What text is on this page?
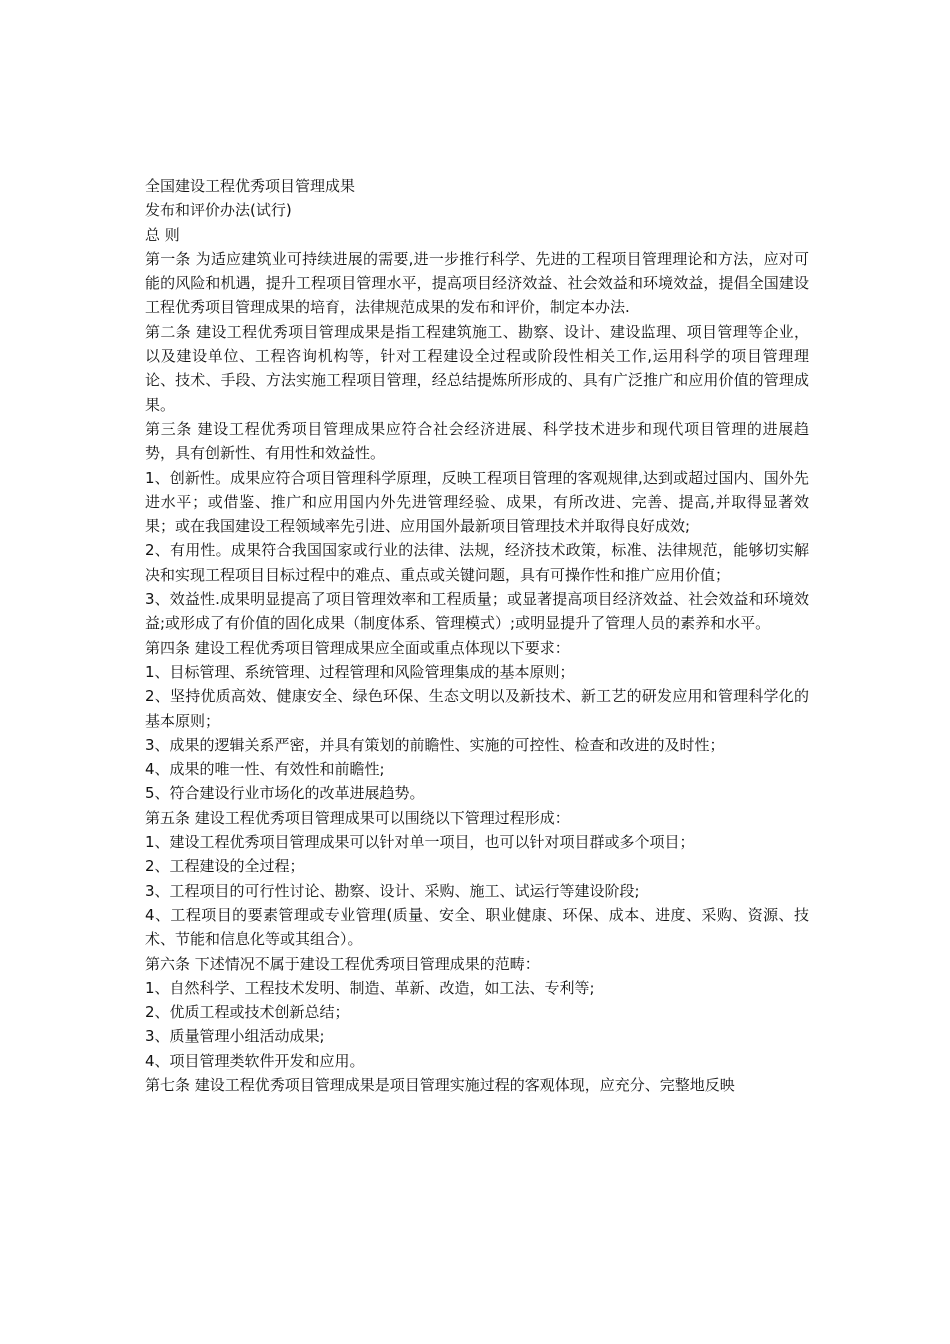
全国建设工程优秀项目管理成果

发布和评价办法(试行)

总 则

第一条 为适应建筑业可持续进展的需要,进一步推行科学、先进的工程项目管理理论和方法，应对可能的风险和机遇，提升工程项目管理水平，提高项目经济效益、社会效益和环境效益，提倡全国建设工程优秀项目管理成果的培育，法律规范成果的发布和评价，制定本办法.

第二条 建设工程优秀项目管理成果是指工程建筑施工、勘察、设计、建设监理、项目管理等企业，以及建设单位、工程咨询机构等，针对工程建设全过程或阶段性相关工作,运用科学的项目管理理论、技术、手段、方法实施工程项目管理，经总结提炼所形成的、具有广泛推广和应用价值的管理成果。

第三条 建设工程优秀项目管理成果应符合社会经济进展、科学技术进步和现代项目管理的进展趋势，具有创新性、有用性和效益性。

1、创新性。成果应符合项目管理科学原理，反映工程项目管理的客观规律,达到或超过国内、国外先进水平；或借鉴、推广和应用国内外先进管理经验、成果，有所改进、完善、提高,并取得显著效果；或在我国建设工程领域率先引进、应用国外最新项目管理技术并取得良好成效;

2、有用性。成果符合我国国家或行业的法律、法规，经济技术政策，标准、法律规范，能够切实解决和实现工程项目目标过程中的难点、重点或关键问题，具有可操作性和推广应用价值；

3、效益性.成果明显提高了项目管理效率和工程质量；或显著提高项目经济效益、社会效益和环境效益;或形成了有价值的固化成果（制度体系、管理模式）;或明显提升了管理人员的素养和水平。

第四条 建设工程优秀项目管理成果应全面或重点体现以下要求：

1、目标管理、系统管理、过程管理和风险管理集成的基本原则；

2、坚持优质高效、健康安全、绿色环保、生态文明以及新技术、新工艺的研发应用和管理科学化的基本原则；

3、成果的逻辑关系严密，并具有策划的前瞻性、实施的可控性、检查和改进的及时性；

4、成果的唯一性、有效性和前瞻性;

5、符合建设行业市场化的改革进展趋势。

第五条 建设工程优秀项目管理成果可以围绕以下管理过程形成：

1、建设工程优秀项目管理成果可以针对单一项目，也可以针对项目群或多个项目；

2、工程建设的全过程；

3、工程项目的可行性讨论、勘察、设计、采购、施工、试运行等建设阶段;

4、工程项目的要素管理或专业管理(质量、安全、职业健康、环保、成本、进度、采购、资源、技术、节能和信息化等或其组合）。

第六条 下述情况不属于建设工程优秀项目管理成果的范畴：

1、自然科学、工程技术发明、制造、革新、改造，如工法、专利等;

2、优质工程或技术创新总结；

3、质量管理小组活动成果;

4、项目管理类软件开发和应用。

第七条 建设工程优秀项目管理成果是项目管理实施过程的客观体现，应充分、完整地反映
